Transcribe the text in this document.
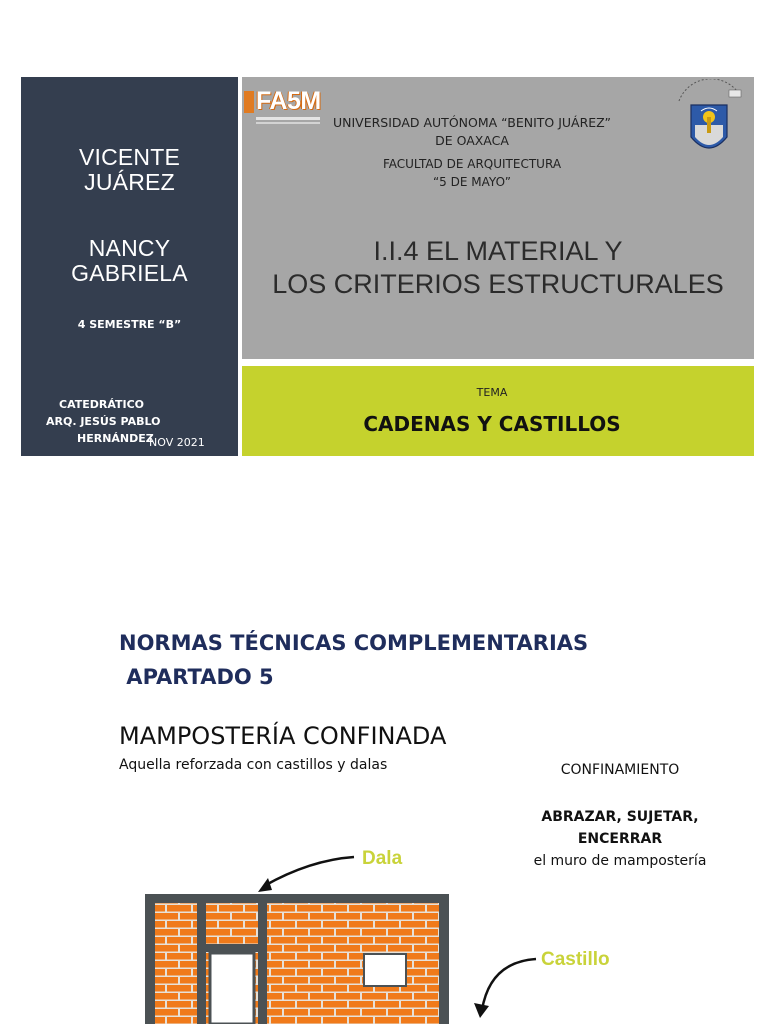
VICENTE
JUÁREZ
NANCY
GABRIELA
4 SEMESTRE “B”
CATEDRÁTICO
ARQ. JESÚS PABLO
HERNÁNDEZ
NOV 2021
FA5M
UNIVERSIDAD AUTÓNOMA “BENITO JUÁREZ”
DE OAXACA
FACULTAD DE ARQUITECTURA
“5 DE MAYO”
I.I.4 EL MATERIAL Y
LOS CRITERIOS ESTRUCTURALES
TEMA
CADENAS Y CASTILLOS
NORMAS TÉCNICAS COMPLEMENTARIAS
APARTADO 5
MAMPOSTERÍA CONFINADA
Aquella reforzada con castillos y dalas	CONFINAMIENTO
ABRAZAR, SUJETAR,
ENCERRAR
el muro de mampostería
Dala
Castillo
